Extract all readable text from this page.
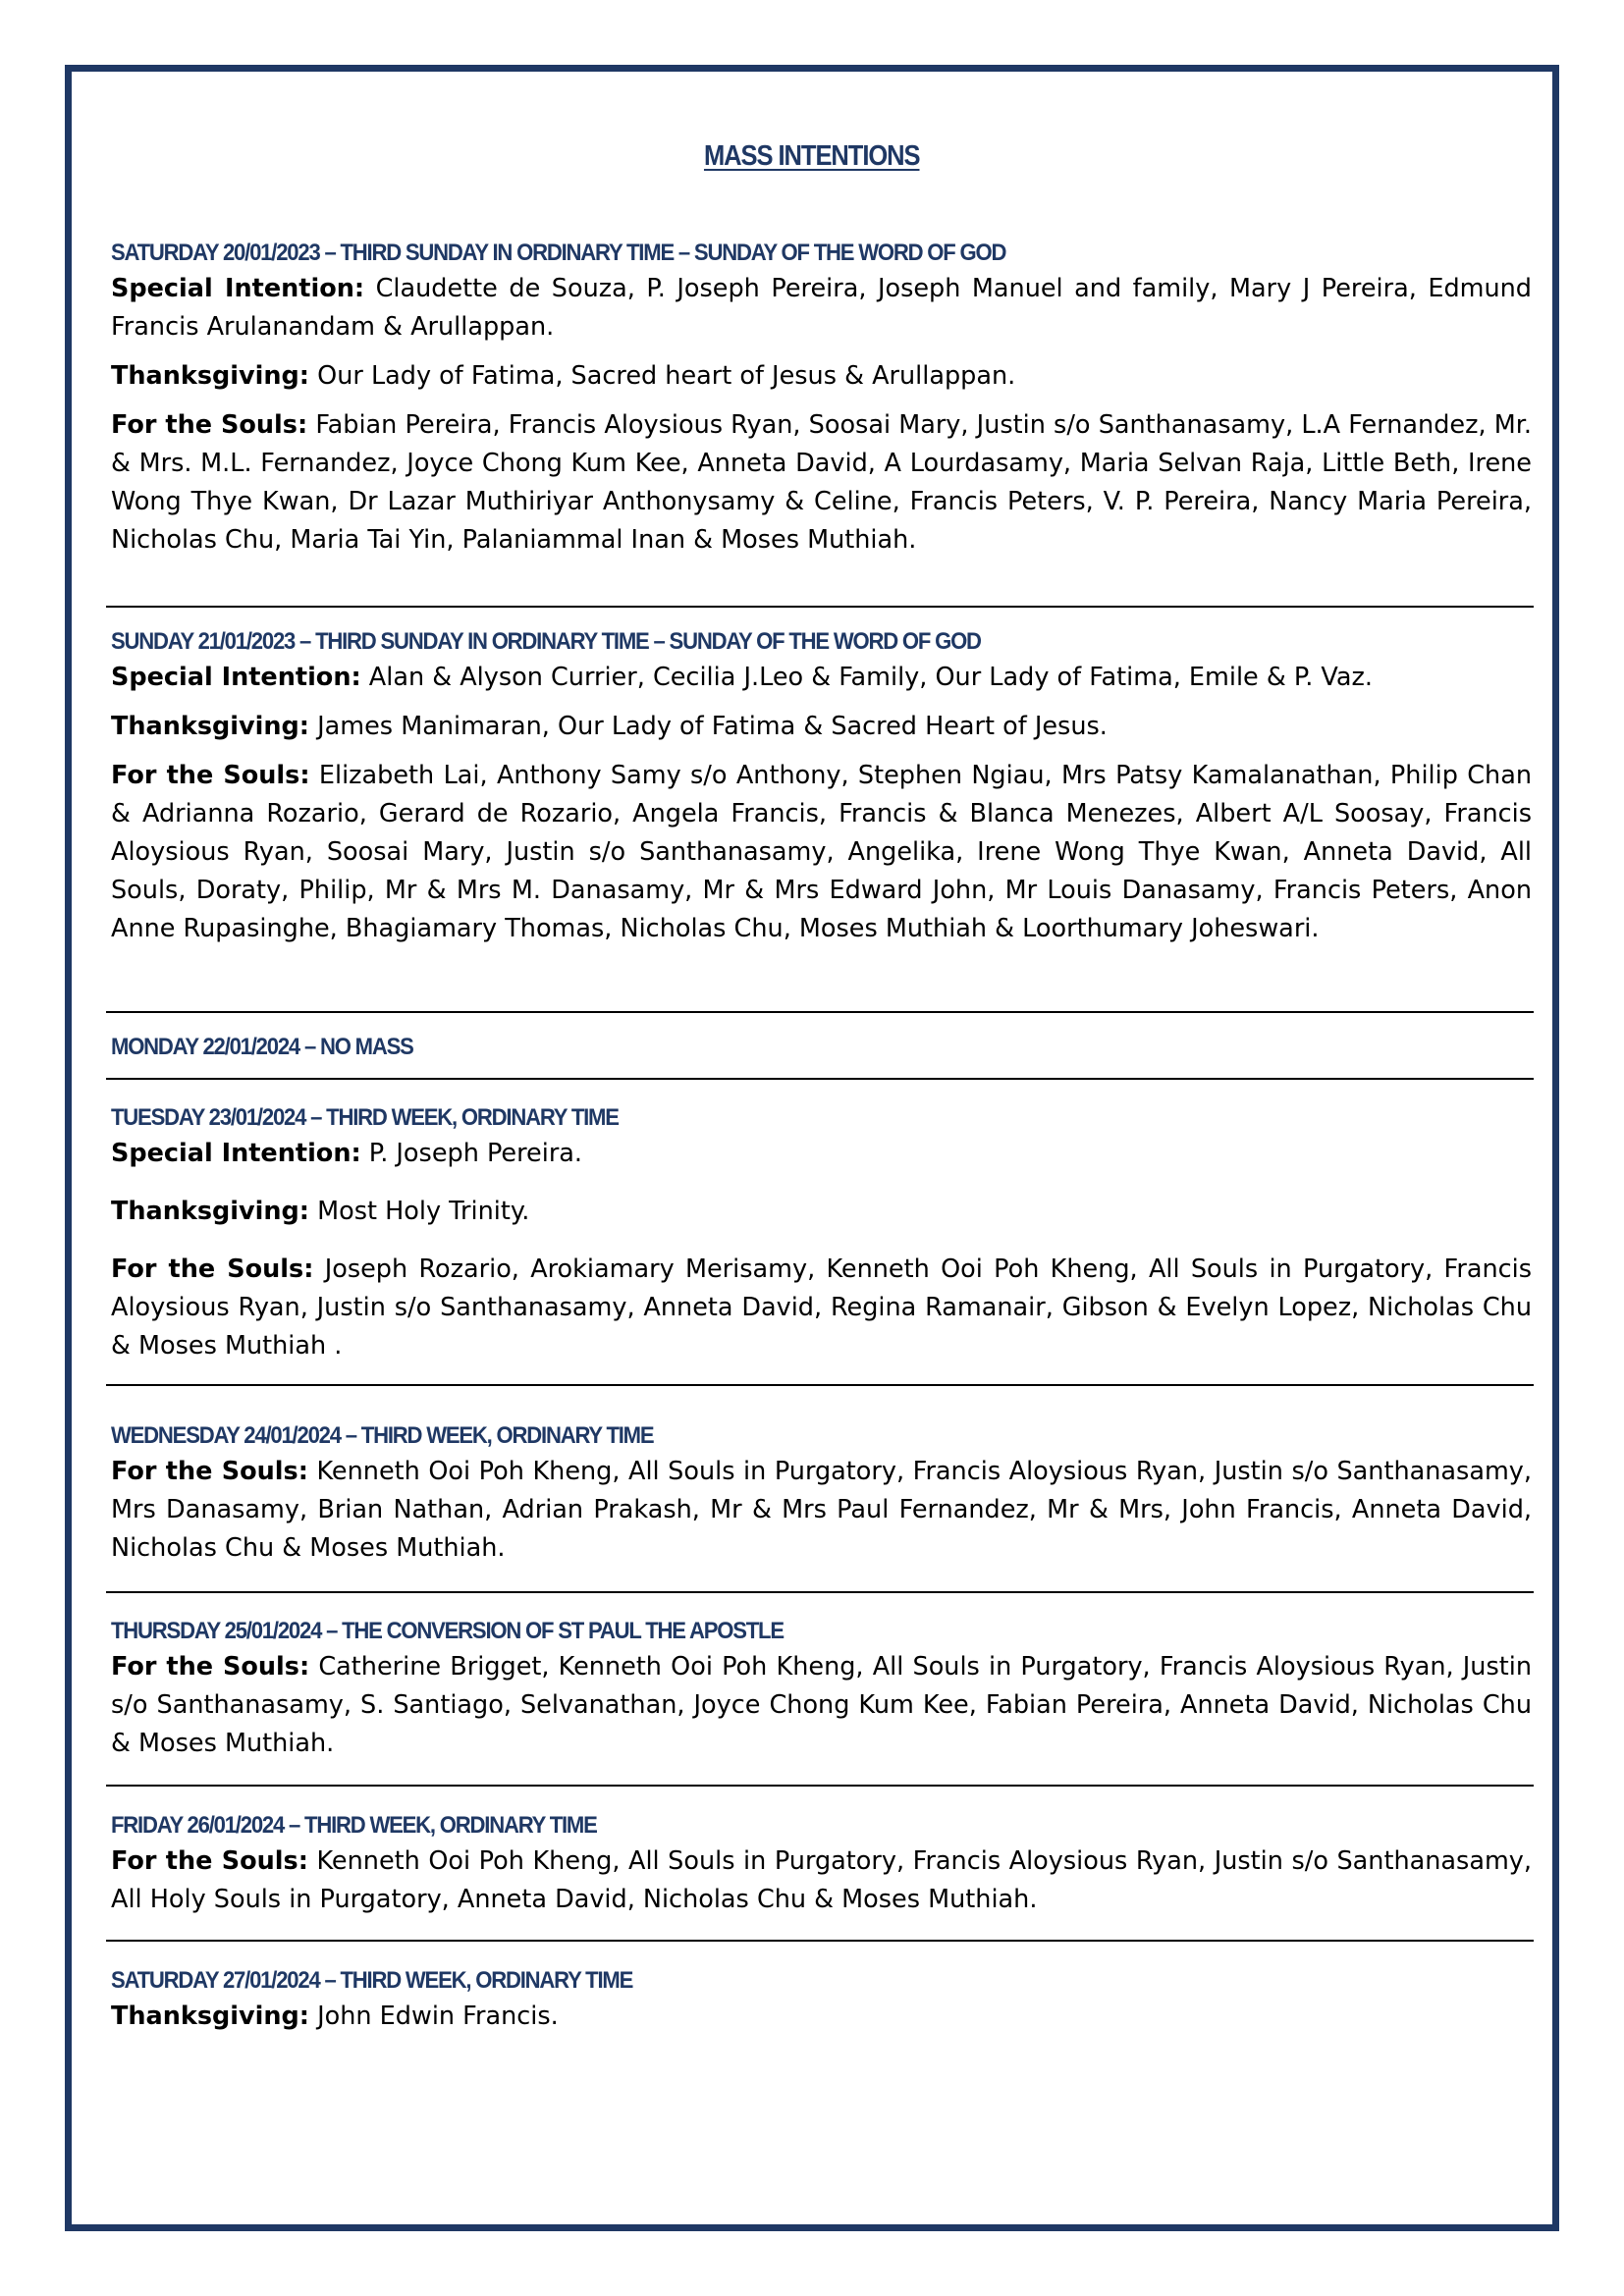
MASS INTENTIONS
SATURDAY 20/01/2023 – THIRD SUNDAY IN ORDINARY TIME – SUNDAY OF THE WORD OF GOD

Special Intention: Claudette de Souza, P. Joseph Pereira, Joseph Manuel and family, Mary J Pereira, Edmund Francis Arulanandam & Arullappan.

Thanksgiving: Our Lady of Fatima, Sacred heart of Jesus & Arullappan.

For the Souls: Fabian Pereira, Francis Aloysious Ryan, Soosai Mary, Justin s/o Santhanasamy, L.A Fernandez, Mr. & Mrs. M.L. Fernandez, Joyce Chong Kum Kee, Anneta David, A Lourdasamy, Maria Selvan Raja, Little Beth, Irene Wong Thye Kwan, Dr Lazar Muthiriyar Anthonysamy & Celine, Francis Peters, V. P. Pereira, Nancy Maria Pereira, Nicholas Chu, Maria Tai Yin, Palaniammal Inan & Moses Muthiah.

SUNDAY 21/01/2023 – THIRD SUNDAY IN ORDINARY TIME – SUNDAY OF THE WORD OF GOD

Special Intention: Alan & Alyson Currier, Cecilia J.Leo & Family, Our Lady of Fatima, Emile & P. Vaz.

Thanksgiving: James Manimaran, Our Lady of Fatima & Sacred Heart of Jesus.

For the Souls: Elizabeth Lai, Anthony Samy s/o Anthony, Stephen Ngiau, Mrs Patsy Kamalanathan, Philip Chan & Adrianna Rozario, Gerard de Rozario, Angela Francis, Francis & Blanca Menezes, Albert A/L Soosay, Francis Aloysious Ryan, Soosai Mary, Justin s/o Santhanasamy, Angelika, Irene Wong Thye Kwan, Anneta David, All Souls, Doraty, Philip, Mr & Mrs M. Danasamy, Mr & Mrs Edward John, Mr Louis Danasamy, Francis Peters, Anon Anne Rupasinghe, Bhagiamary Thomas, Nicholas Chu, Moses Muthiah & Loorthumary Joheswari.

MONDAY 22/01/2024 – NO MASS
TUESDAY 23/01/2024 – THIRD WEEK, ORDINARY TIME

Special Intention: P. Joseph Pereira.

Thanksgiving: Most Holy Trinity.

For the Souls: Joseph Rozario, Arokiamary Merisamy, Kenneth Ooi Poh Kheng, All Souls in Purgatory, Francis Aloysious Ryan, Justin s/o Santhanasamy, Anneta David, Regina Ramanair, Gibson & Evelyn Lopez, Nicholas Chu & Moses Muthiah .

WEDNESDAY 24/01/2024 – THIRD WEEK, ORDINARY TIME

For the Souls: Kenneth Ooi Poh Kheng, All Souls in Purgatory, Francis Aloysious Ryan, Justin s/o Santhanasamy, Mrs Danasamy, Brian Nathan, Adrian Prakash, Mr & Mrs Paul Fernandez, Mr & Mrs, John Francis, Anneta David, Nicholas Chu & Moses Muthiah.

THURSDAY 25/01/2024 – THE CONVERSION OF ST PAUL THE APOSTLE

For the Souls: Catherine Brigget, Kenneth Ooi Poh Kheng, All Souls in Purgatory, Francis Aloysious Ryan, Justin s/o Santhanasamy, S. Santiago, Selvanathan, Joyce Chong Kum Kee, Fabian Pereira, Anneta David, Nicholas Chu & Moses Muthiah.

FRIDAY 26/01/2024 – THIRD WEEK, ORDINARY TIME

For the Souls: Kenneth Ooi Poh Kheng, All Souls in Purgatory, Francis Aloysious Ryan, Justin s/o Santhanasamy, All Holy Souls in Purgatory, Anneta David, Nicholas Chu & Moses Muthiah.

SATURDAY 27/01/2024 – THIRD WEEK, ORDINARY TIME

Thanksgiving: John Edwin Francis.
